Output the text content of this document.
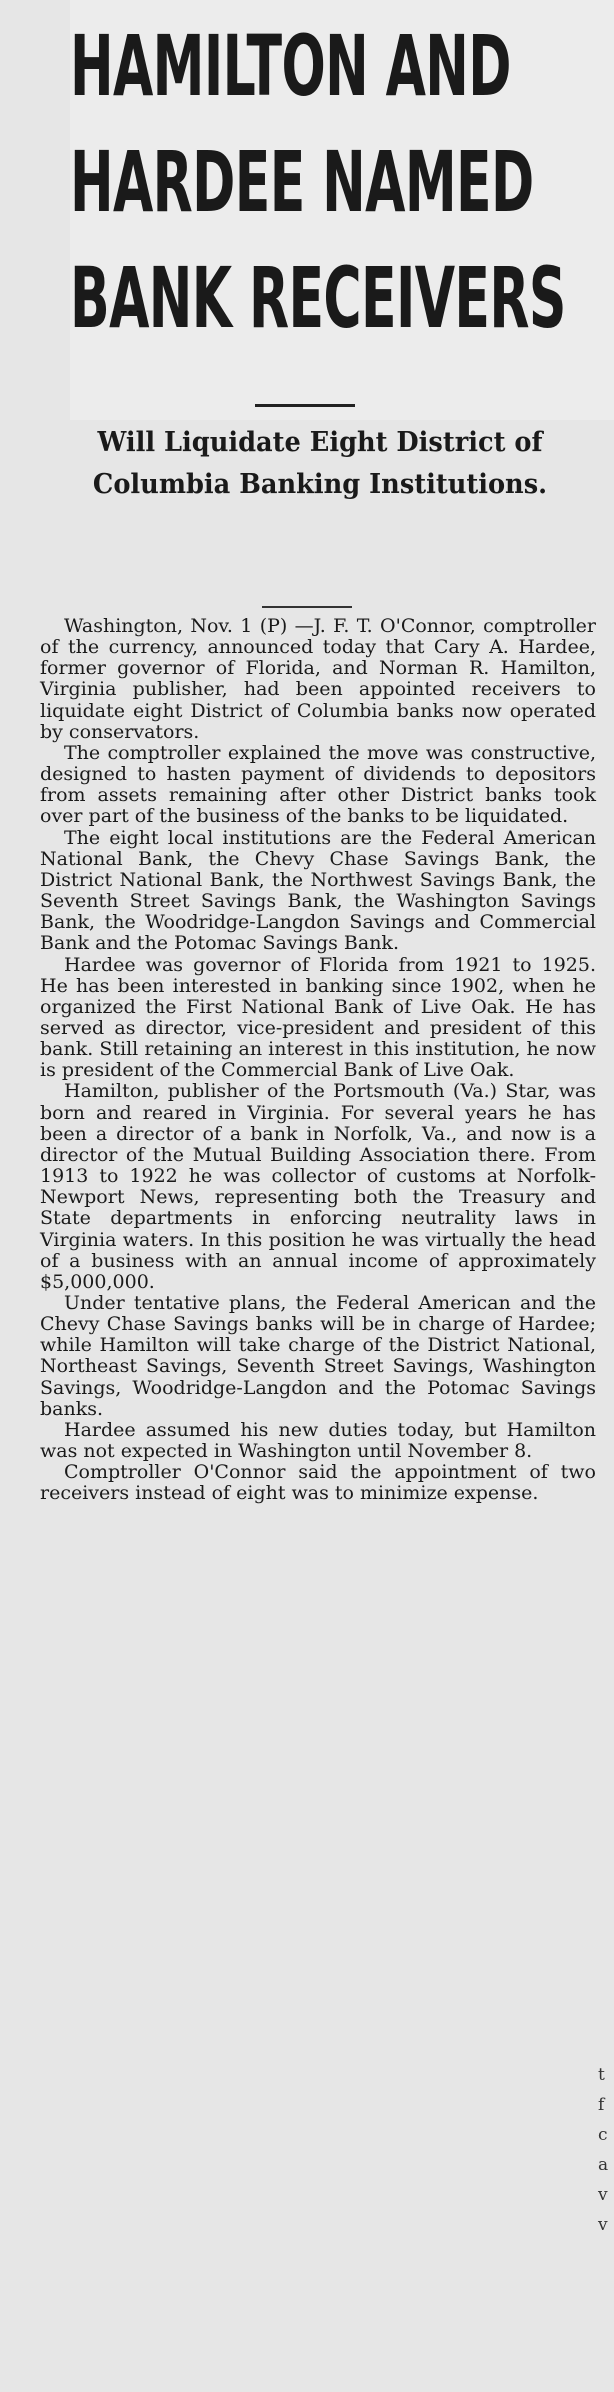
HAMILTON AND
HARDEE NAMED
BANK RECEIVERS
Will Liquidate Eight District of Columbia Banking Institutions.

Washington, Nov. 1 (P) —J. F. T. O'Connor, comptroller of the currency, announced today that Cary A. Hardee, former governor of Florida, and Norman R. Hamilton, Virginia publisher, had been appointed receivers to liquidate eight District of Columbia banks now operated by conservators.

The comptroller explained the move was constructive, designed to hasten payment of dividends to depositors from assets remaining after other District banks took over part of the business of the banks to be liquidated.

The eight local institutions are the Federal American National Bank, the Chevy Chase Savings Bank, the District National Bank, the Northwest Savings Bank, the Seventh Street Savings Bank, the Washington Savings Bank, the Woodridge-Langdon Savings and Commercial Bank and the Potomac Savings Bank.

Hardee was governor of Florida from 1921 to 1925. He has been interested in banking since 1902, when he organized the First National Bank of Live Oak. He has served as director, vice-president and president of this bank. Still retaining an interest in this institution, he now is president of the Commercial Bank of Live Oak.

Hamilton, publisher of the Portsmouth (Va.) Star, was born and reared in Virginia. For several years he has been a director of a bank in Norfolk, Va., and now is a director of the Mutual Building Association there. From 1913 to 1922 he was collector of customs at Norfolk-Newport News, representing both the Treasury and State departments in enforcing neutrality laws in Virginia waters. In this position he was virtually the head of a business with an annual income of approximately $5,000,000.

Under tentative plans, the Federal American and the Chevy Chase Savings banks will be in charge of Hardee; while Hamilton will take charge of the District National, Northeast Savings, Seventh Street Savings, Washington Savings, Woodridge-Langdon and the Potomac Savings banks.

Hardee assumed his new duties today, but Hamilton was not expected in Washington until November 8.

Comptroller O'Connor said the appointment of two receivers instead of eight was to minimize expense.

t
f
c
a
v
v
